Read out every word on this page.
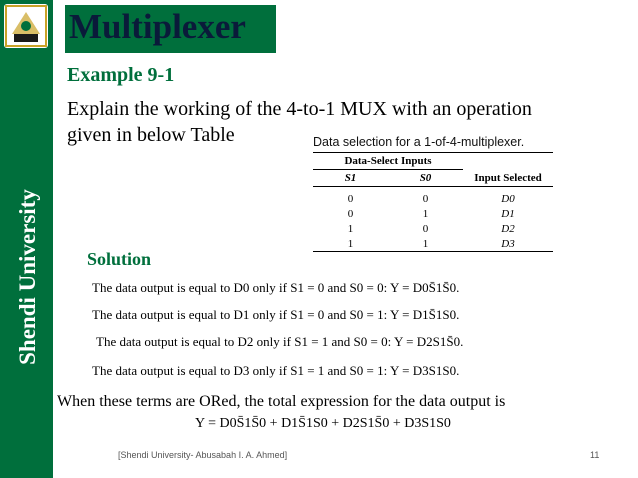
Shendi University
Multiplexer
Example 9-1
Explain the working of the 4-to-1 MUX with an operation
given in below Table	Data selection for a 1-of-4-multiplexer.
Data-Select Inputs		
S1	S0	Input Selected

0	0	D0
0	1	D1
1	0	D2
1	1	D3
Solution
The data output is equal to D0 only if S1 = 0 and S0 = 0: Y = D0S̄1S̄0.
The data output is equal to D1 only if S1 = 0 and S0 = 1: Y = D1S̄1S0.
The data output is equal to D2 only if S1 = 1 and S0 = 0: Y = D2S1S̄0.
The data output is equal to D3 only if S1 = 1 and S0 = 1: Y = D3S1S0.
When these terms are ORed, the total expression for the data output is
Y = D0S̄1S̄0 + D1S̄1S0 + D2S1S̄0 + D3S1S0
[Shendi University- Abusabah I. A. Ahmed]	11
